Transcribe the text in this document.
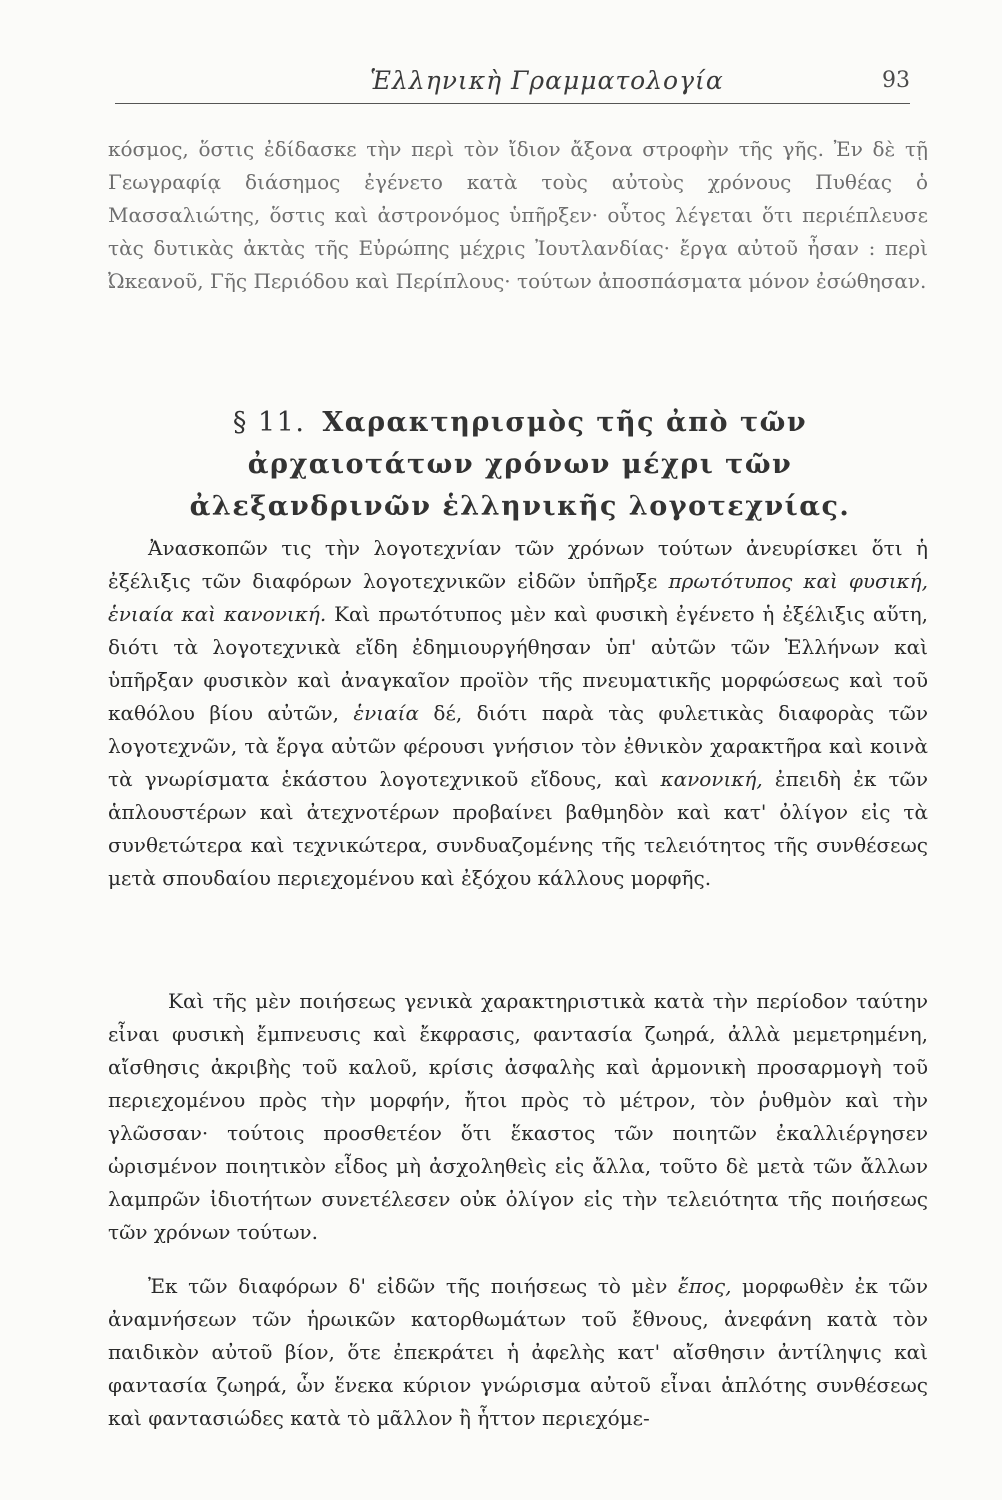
Ἑλληνικὴ Γραμματολογία	93

κόσμος, ὅστις ἐδίδασκε τὴν περὶ τὸν ἴδιον ἄξονα στροφὴν τῆς γῆς. Ἐν δὲ τῇ Γεωγραφίᾳ διάσημος ἐγένετο κατὰ τοὺς αὐτοὺς χρόνους Πυθέας ὁ Μασσαλιώτης, ὅστις καὶ ἀστρονόμος ὑπῆρξεν· οὗτος λέγεται ὅτι περιέπλευσε τὰς δυτικὰς ἀκτὰς τῆς Εὐρώπης μέχρις Ἰουτλανδίας· ἔργα αὐτοῦ ἦσαν : περὶ Ὠκεανοῦ, Γῆς Περιόδου καὶ Περίπλους· τούτων ἀποσπάσματα μόνον ἐσώθησαν.

§ 11. Χαρακτηρισμὸς τῆς ἀπὸ τῶν ἀρχαιοτάτων χρόνων μέχρι τῶν ἀλεξανδρινῶν ἑλληνικῆς λογοτεχνίας.

Ἀνασκοπῶν τις τὴν λογοτεχνίαν τῶν χρόνων τούτων ἀνευρίσκει ὅτι ἡ ἐξέλιξις τῶν διαφόρων λογοτεχνικῶν εἰδῶν ὑπῆρξε πρωτότυπος καὶ φυσική, ἑνιαία καὶ κανονική. Καὶ πρωτότυπος μὲν καὶ φυσικὴ ἐγένετο ἡ ἐξέλιξις αὕτη, διότι τὰ λογοτεχνικὰ εἴδη ἐδημιουργήθησαν ὑπ' αὐτῶν τῶν Ἑλλήνων καὶ ὑπῆρξαν φυσικὸν καὶ ἀναγκαῖον προϊὸν τῆς πνευματικῆς μορφώσεως καὶ τοῦ καθόλου βίου αὐτῶν, ἑνιαία δέ, διότι παρὰ τὰς φυλετικὰς διαφορὰς τῶν λογοτεχνῶν, τὰ ἔργα αὐτῶν φέρουσι γνήσιον τὸν ἐθνικὸν χαρακτῆρα καὶ κοινὰ τὰ γνωρίσματα ἑκάστου λογοτεχνικοῦ εἴδους, καὶ κανονική, ἐπειδὴ ἐκ τῶν ἁπλουστέρων καὶ ἀτεχνοτέρων προβαίνει βαθμηδὸν καὶ κατ' ὀλίγον εἰς τὰ συνθετώτερα καὶ τεχνικώτερα, συνδυαζομένης τῆς τελειότητος τῆς συνθέσεως μετὰ σπουδαίου περιεχομένου καὶ ἐξόχου κάλλους μορφῆς.

Καὶ τῆς μὲν ποιήσεως γενικὰ χαρακτηριστικὰ κατὰ τὴν περίοδον ταύτην εἶναι φυσικὴ ἔμπνευσις καὶ ἔκφρασις, φαντασία ζωηρά, ἀλλὰ μεμετρημένη, αἴσθησις ἀκριβὴς τοῦ καλοῦ, κρίσις ἀσφαλὴς καὶ ἁρμονικὴ προσαρμογὴ τοῦ περιεχομένου πρὸς τὴν μορφήν, ἤτοι πρὸς τὸ μέτρον, τὸν ῥυθμὸν καὶ τὴν γλῶσσαν· τούτοις προσθετέον ὅτι ἕκαστος τῶν ποιητῶν ἐκαλλιέργησεν ὡρισμένον ποιητικὸν εἶδος μὴ ἀσχοληθεὶς εἰς ἄλλα, τοῦτο δὲ μετὰ τῶν ἄλλων λαμπρῶν ἰδιοτήτων συνετέλεσεν οὐκ ὀλίγον εἰς τὴν τελειότητα τῆς ποιήσεως τῶν χρόνων τούτων.

Ἐκ τῶν διαφόρων δ' εἰδῶν τῆς ποιήσεως τὸ μὲν ἔπος, μορφωθὲν ἐκ τῶν ἀναμνήσεων τῶν ἡρωικῶν κατορθωμάτων τοῦ ἔθνους, ἀνεφάνη κατὰ τὸν παιδικὸν αὐτοῦ βίον, ὅτε ἐπεκράτει ἡ ἀφελὴς κατ' αἴσθησιν ἀντίληψις καὶ φαντασία ζωηρά, ὧν ἕνεκα κύριον γνώρισμα αὐτοῦ εἶναι ἁπλότης συνθέσεως καὶ φαντασιώδες κατὰ τὸ μᾶλλον ἢ ἧττον περιεχόμε-
